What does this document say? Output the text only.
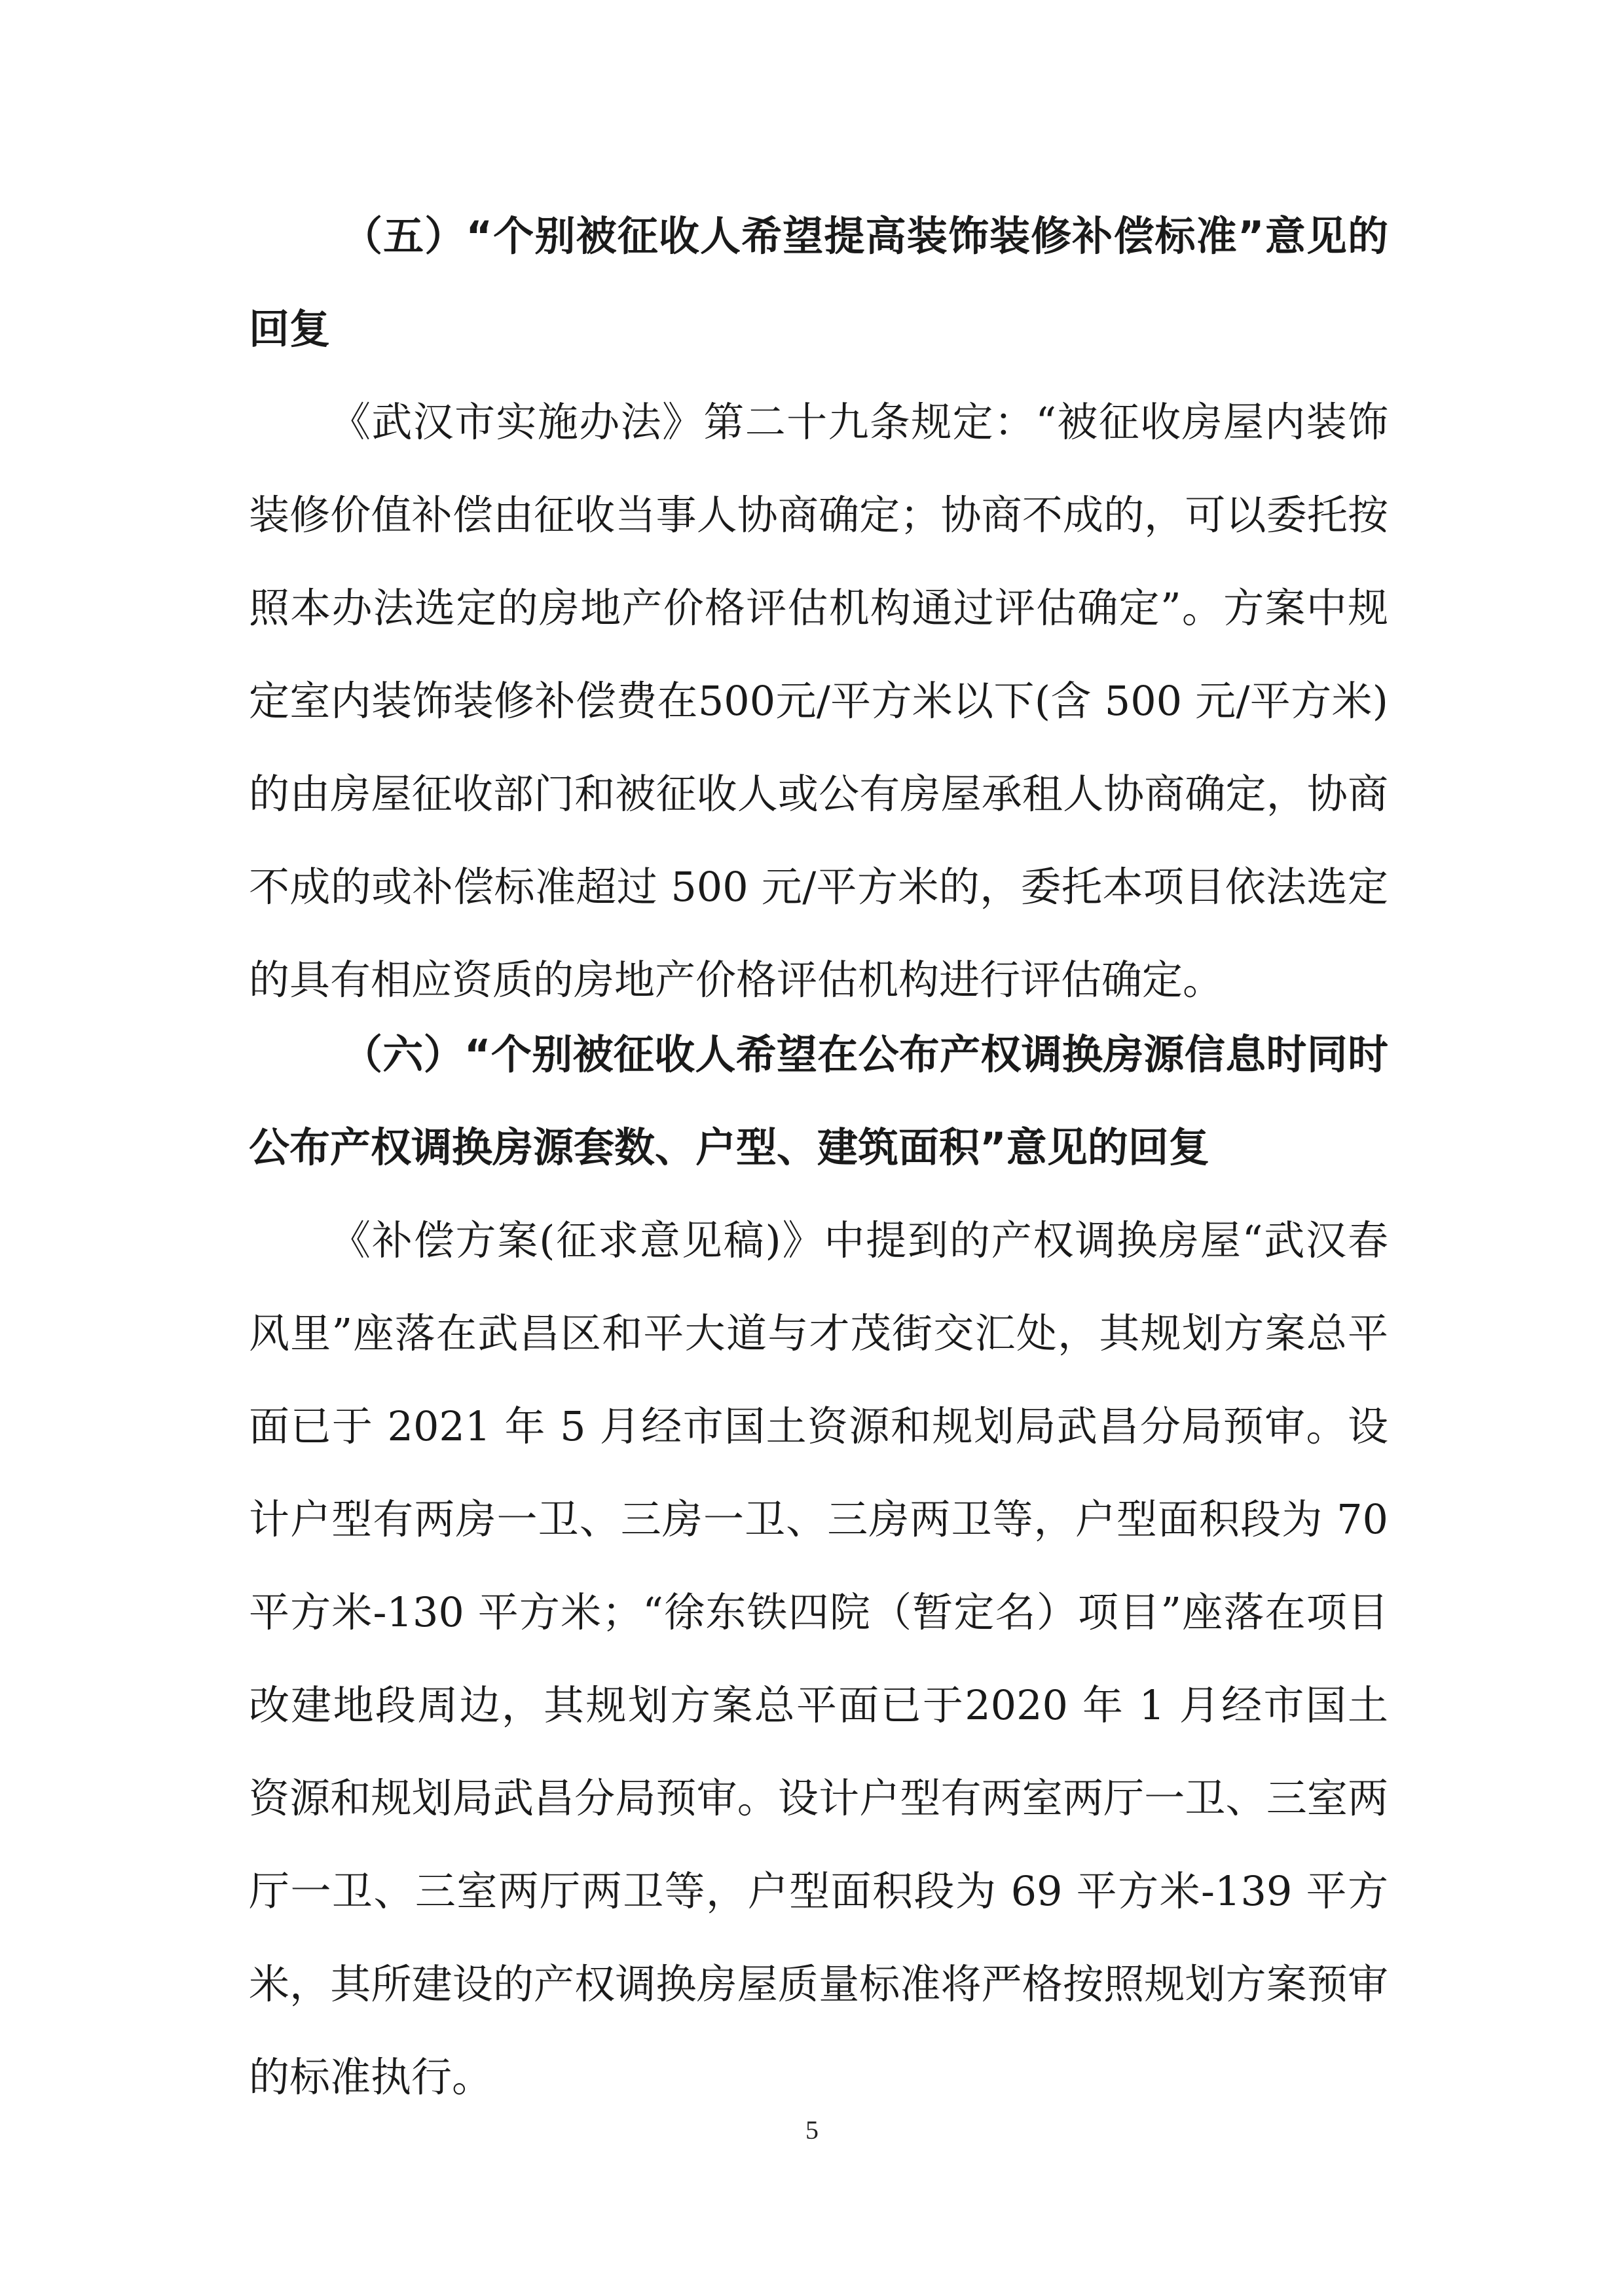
（五）“个别被征收人希望提高装饰装修补偿标准”意见的回复

《武汉市实施办法》第二十九条规定：“被征收房屋内装饰装修价值补偿由征收当事人协商确定；协商不成的，可以委托按照本办法选定的房地产价格评估机构通过评估确定”。方案中规定室内装饰装修补偿费在500元/平方米以下(含 500 元/平方米)的由房屋征收部门和被征收人或公有房屋承租人协商确定，协商不成的或补偿标准超过 500 元/平方米的，委托本项目依法选定的具有相应资质的房地产价格评估机构进行评估确定。

（六）“个别被征收人希望在公布产权调换房源信息时同时公布产权调换房源套数、户型、建筑面积”意见的回复

《补偿方案(征求意见稿)》中提到的产权调换房屋“武汉春风里”座落在武昌区和平大道与才茂街交汇处，其规划方案总平面已于 2021 年 5 月经市国土资源和规划局武昌分局预审。设计户型有两房一卫、三房一卫、三房两卫等，户型面积段为 70 平方米-130 平方米；“徐东铁四院（暂定名）项目”座落在项目改建地段周边，其规划方案总平面已于2020 年 1 月经市国土资源和规划局武昌分局预审。设计户型有两室两厅一卫、三室两厅一卫、三室两厅两卫等，户型面积段为 69 平方米-139 平方米，其所建设的产权调换房屋质量标准将严格按照规划方案预审的标准执行。

5
